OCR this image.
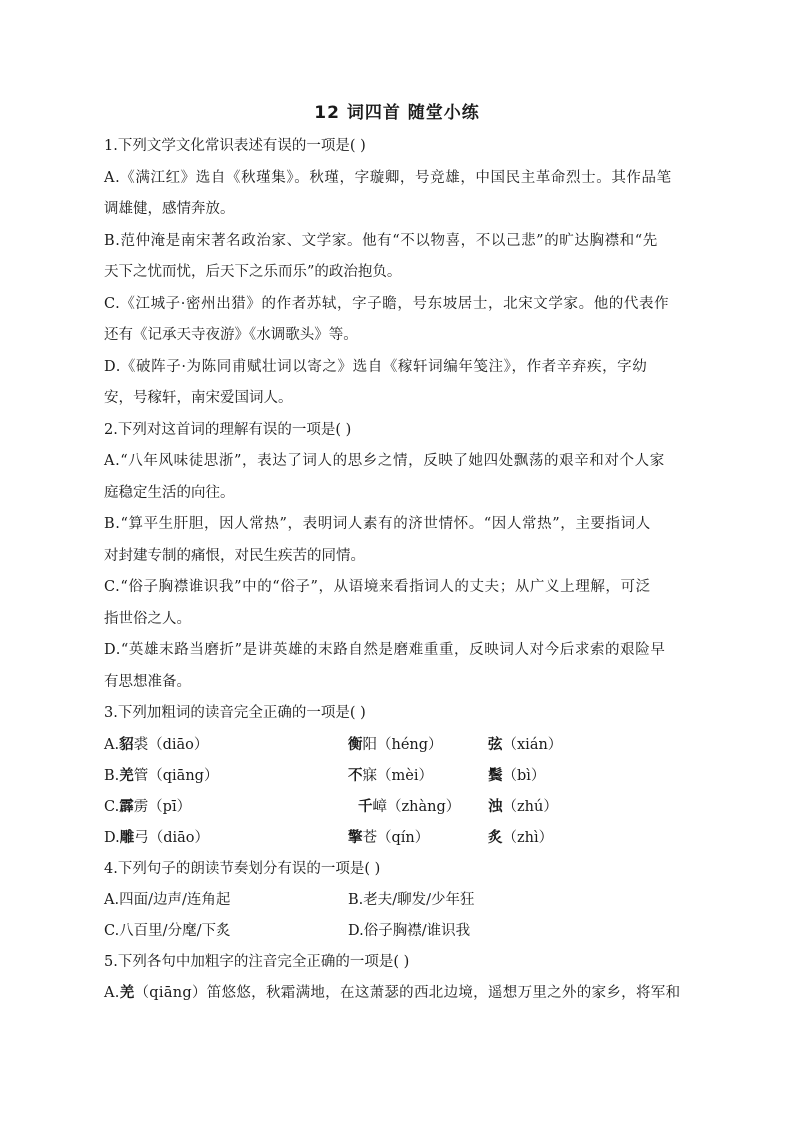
12 词四首 随堂小练
1.下列文学文化常识表述有误的一项是( )
A.《满江红》选自《秋瑾集》。秋瑾，字璇卿，号竞雄，中国民主革命烈士。其作品笔
调雄健，感情奔放。
B.范仲淹是南宋著名政治家、文学家。他有“不以物喜，不以己悲”的旷达胸襟和“先
天下之忧而忧，后天下之乐而乐”的政治抱负。
C.《江城子·密州出猎》的作者苏轼，字子瞻，号东坡居士，北宋文学家。他的代表作
还有《记承天寺夜游》《水调歌头》等。
D.《破阵子·为陈同甫赋壮词以寄之》选自《稼轩词编年笺注》，作者辛弃疾，字幼
安，号稼轩，南宋爱国词人。
2.下列对这首词的理解有误的一项是( )
A.“八年风味徒思浙”，表达了词人的思乡之情，反映了她四处飘荡的艰辛和对个人家
庭稳定生活的向往。
B.“算平生肝胆，因人常热”，表明词人素有的济世情怀。“因人常热”，主要指词人
对封建专制的痛恨，对民生疾苦的同情。
C.“俗子胸襟谁识我”中的“俗子”，从语境来看指词人的丈夫；从广义上理解，可泛
指世俗之人。
D.“英雄末路当磨折”是讲英雄的末路自然是磨难重重，反映词人对今后求索的艰险早
有思想准备。
3.下列加粗词的读音完全正确的一项是( )
A.貂裘（diāo）	衡阳（héng）	弦（xián）
B.羌管（qiāng）	不寐（mèi）	鬓（bì）
C.霹雳（pī）	千嶂（zhàng） 浊（zhú）
D.雕弓（diāo）	擎苍（qín）	炙（zhì）
4.下列句子的朗读节奏划分有误的一项是( )
A.四面/边声/连角起	B.老夫/聊发/少年狂
C.八百里/分麾/下炙	D.俗子胸襟/谁识我
5.下列各句中加粗字的注音完全正确的一项是( )
A.羌（qiāng）笛悠悠，秋霜满地，在这萧瑟的西北边境，遥想万里之外的家乡，将军和
